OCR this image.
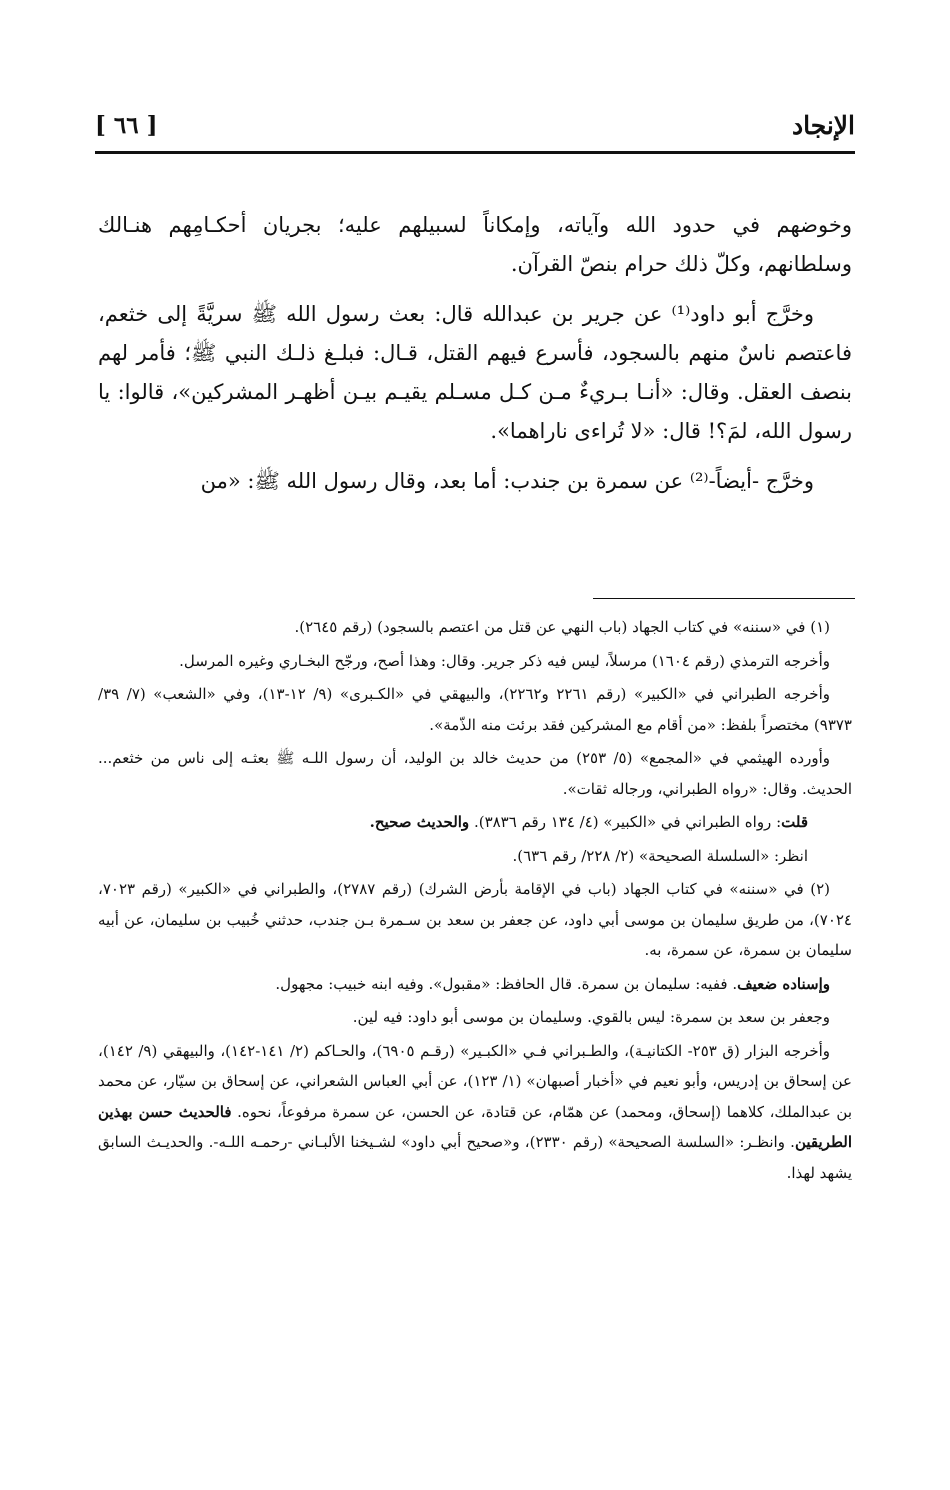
الإنجاد
[ ٦٦ ]

وخوضهم في حدود الله وآياته، وإمكاناً لسبيلهم عليه؛ بجريان أحكـامِهم هنـالك وسلطانهم، وكلّ ذلك حرام بنصّ القرآن.

وخرَّج أبو داود⁽¹⁾ عن جرير بن عبدالله قال: بعث رسول الله ﷺ سريَّةً إلى خثعم، فاعتصم ناسٌ منهم بالسجود، فأسرع فيهم القتل، قـال: فبلـغ ذلـك النبي ﷺ؛ فأمر لهم بنصف العقل. وقال: «أنـا بـريءٌ مـن كـل مسـلم يقيـم بيـن أظهـر المشركين»، قالوا: يا رسول الله، لمَ؟! قال: «لا تُراءى ناراهما».

وخرَّج -أيضاً-⁽²⁾ عن سمرة بن جندب: أما بعد، وقال رسول الله ﷺ: «من

(١) في «سننه» في كتاب الجهاد (باب النهي عن قتل من اعتصم بالسجود) (رقم ٢٦٤٥).

وأخرجه الترمذي (رقم ١٦٠٤) مرسلاً، ليس فيه ذكر جرير. وقال: وهذا أصح، ورجّح البخـاري وغيره المرسل.

وأخرجه الطبراني في «الكبير» (رقم ٢٢٦١ و٢٢٦٢)، والبيهقي في «الكـبرى» (٩/ ١٢-١٣)، وفي «الشعب» (٧/ ٣٩/ ٩٣٧٣) مختصراً بلفظ: «من أقام مع المشركين فقد برئت منه الذّمة».

وأورده الهيثمي في «المجمع» (٥/ ٢٥٣) من حديث خالد بن الوليد، أن رسول اللـه ﷺ بعثـه إلى ناس من خثعم... الحديث. وقال: «رواه الطبراني، ورجاله ثقات».

قلت: رواه الطبراني في «الكبير» (٤/ ١٣٤ رقم ٣٨٣٦). والحديث صحيح.

انظر: «السلسلة الصحيحة» (٢/ ٢٢٨/ رقم ٦٣٦).

(٢) في «سننه» في كتاب الجهاد (باب في الإقامة بأرض الشرك) (رقم ٢٧٨٧)، والطبراني في «الكبير» (رقم ٧٠٢٣، ٧٠٢٤)، من طريق سليمان بن موسى أبي داود، عن جعفر بن سعد بن سـمرة بـن جندب، حدثني خُبيب بن سليمان، عن أبيه سليمان بن سمرة، عن سمرة، به.

وإسناده ضعيف. ففيه: سليمان بن سمرة. قال الحافظ: «مقبول». وفيه ابنه خبيب: مجهول.

وجعفر بن سعد بن سمرة: ليس بالقوي. وسليمان بن موسى أبو داود: فيه لين.

وأخرجه البزار (ق ٢٥٣- الكتانيـة)، والطـبراني فـي «الكبـير» (رقـم ٦٩٠٥)، والحـاكم (٢/ ١٤١-١٤٢)، والبيهقي (٩/ ١٤٢)، عن إسحاق بن إدريس، وأبو نعيم في «أخبار أصبهان» (١/ ١٢٣)، عن أبي العباس الشعراني، عن إسحاق بن سيّار، عن محمد بن عبدالملك، كلاهما (إسحاق، ومحمد) عن همّام، عن قتادة، عن الحسن، عن سمرة مرفوعاً، نحوه. فالحديث حسن بهذين الطريقين. وانظـر: «السلسة الصحيحة» (رقم ٢٣٣٠)، و«صحيح أبي داود» لشـيخنا الألبـاني -رحمـه اللـه-. والحديـث السابق يشهد لهذا.
